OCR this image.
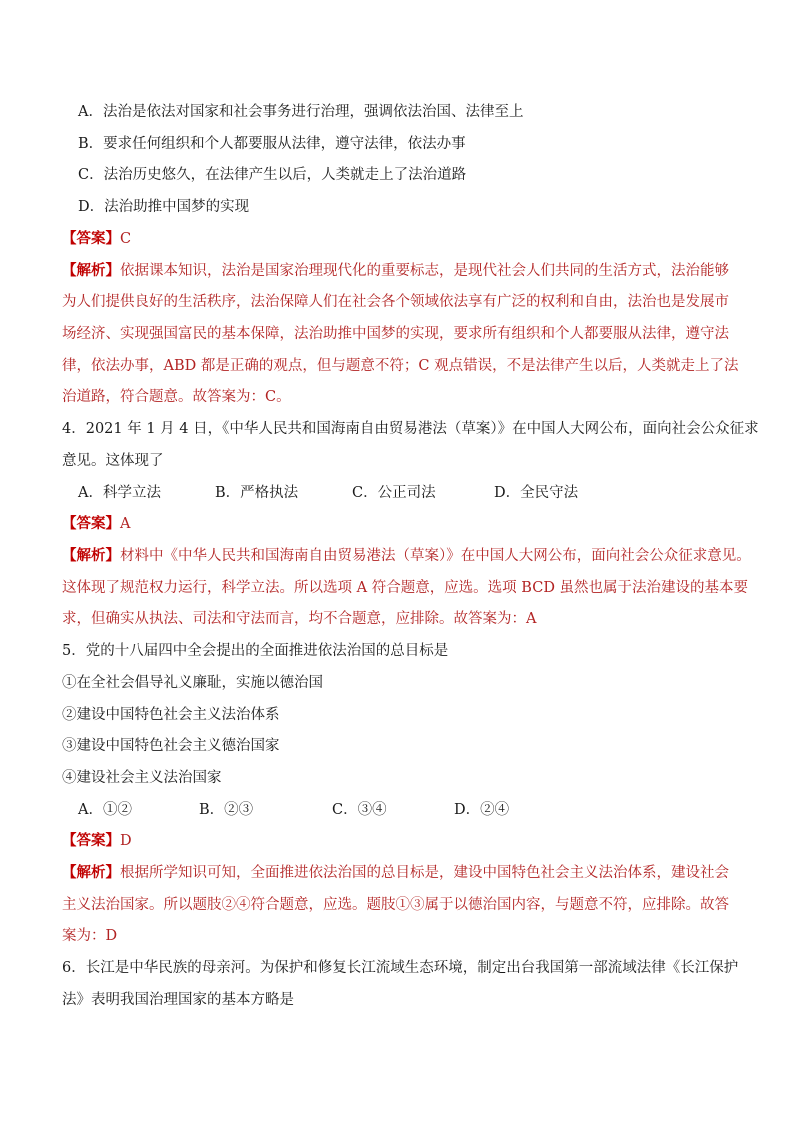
A．法治是依法对国家和社会事务进行治理，强调依法治国、法律至上
B．要求任何组织和个人都要服从法律，遵守法律，依法办事
C．法治历史悠久，在法律产生以后，人类就走上了法治道路
D．法治助推中国梦的实现
【答案】C
【解析】依据课本知识，法治是国家治理现代化的重要标志，是现代社会人们共同的生活方式，法治能够
为人们提供良好的生活秩序，法治保障人们在社会各个领域依法享有广泛的权利和自由，法治也是发展市
场经济、实现强国富民的基本保障，法治助推中国梦的实现，要求所有组织和个人都要服从法律，遵守法
律，依法办事，ABD 都是正确的观点，但与题意不符；C 观点错误，不是法律产生以后，人类就走上了法
治道路，符合题意。故答案为：C。
4．2021 年 1 月 4 日，《中华人民共和国海南自由贸易港法（草案）》在中国人大网公布，面向社会公众征求
意见。这体现了
A．科学立法	B．严格执法	C．公正司法	D．全民守法
【答案】A
【解析】材料中《中华人民共和国海南自由贸易港法（草案）》在中国人大网公布，面向社会公众征求意见。
这体现了规范权力运行，科学立法。所以选项 A 符合题意，应选。选项 BCD 虽然也属于法治建设的基本要
求，但确实从执法、司法和守法而言，均不合题意，应排除。故答案为：A
5．党的十八届四中全会提出的全面推进依法治国的总目标是
①在全社会倡导礼义廉耻，实施以德治国
②建设中国特色社会主义法治体系
③建设中国特色社会主义德治国家
④建设社会主义法治国家
A．①②	B．②③	C．③④	D．②④
【答案】D
【解析】根据所学知识可知，全面推进依法治国的总目标是，建设中国特色社会主义法治体系，建设社会
主义法治国家。所以题肢②④符合题意，应选。题肢①③属于以德治国内容，与题意不符，应排除。故答
案为：D
6．长江是中华民族的母亲河。为保护和修复长江流域生态环境，制定出台我国第一部流域法律《长江保护
法》表明我国治理国家的基本方略是
